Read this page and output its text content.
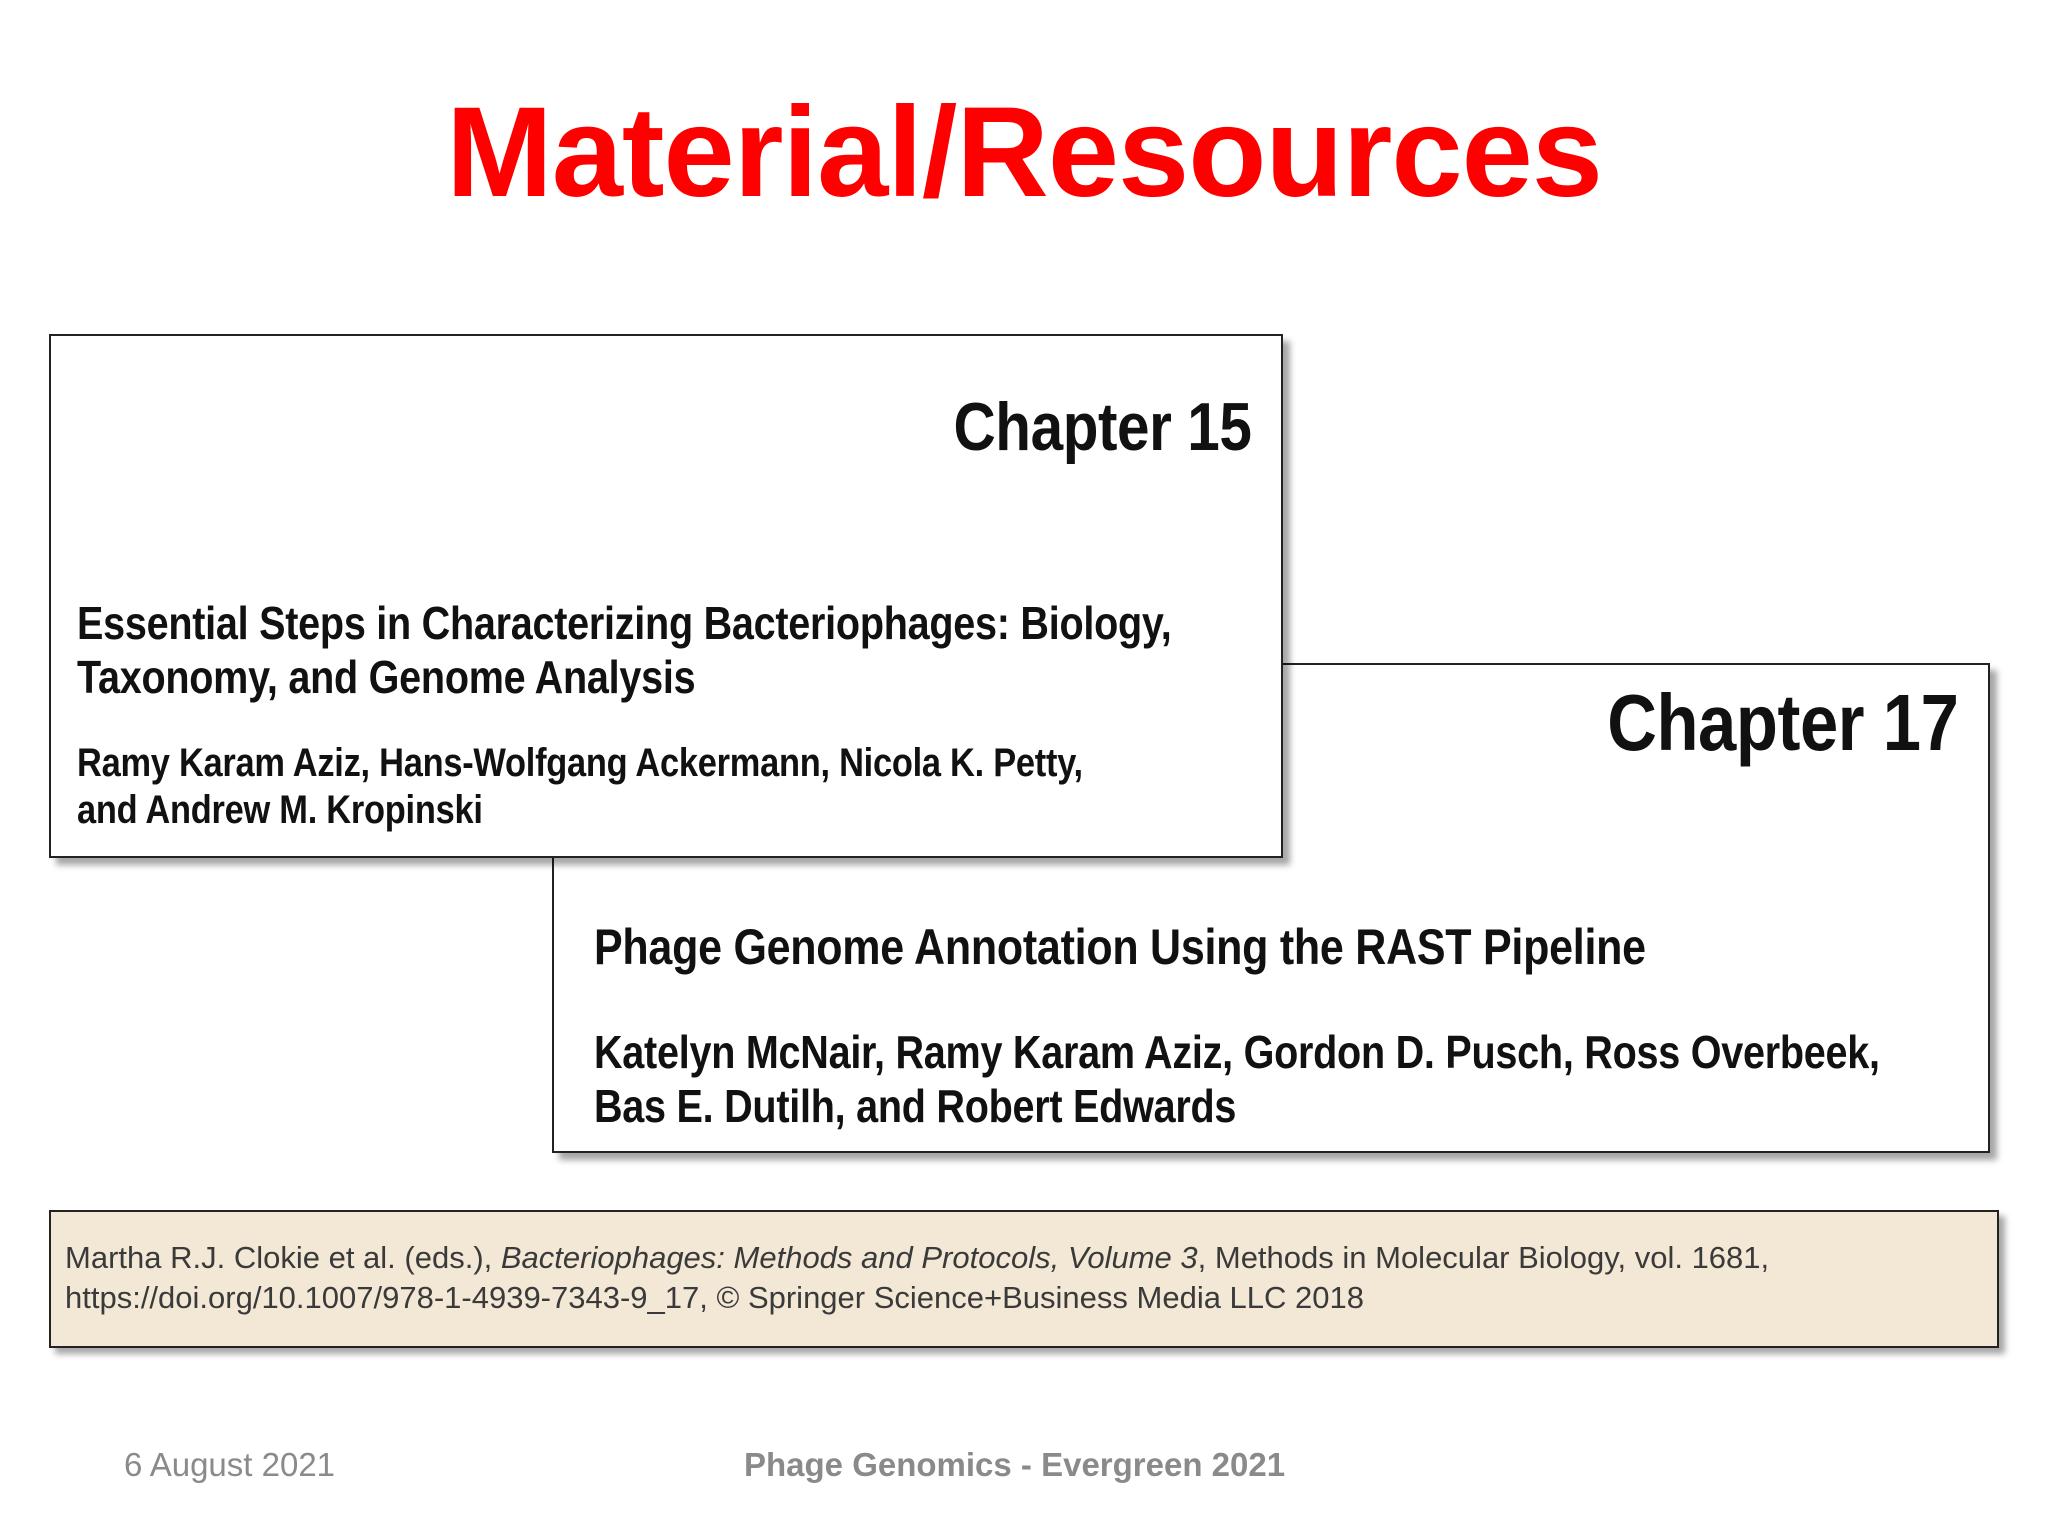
Material/Resources
Chapter 17
Phage Genome Annotation Using the RAST Pipeline
Katelyn McNair, Ramy Karam Aziz, Gordon D. Pusch, Ross Overbeek,
Bas E. Dutilh, and Robert Edwards
Chapter 15
Essential Steps in Characterizing Bacteriophages: Biology,
Taxonomy, and Genome Analysis
Ramy Karam Aziz, Hans-Wolfgang Ackermann, Nicola K. Petty,
and Andrew M. Kropinski
Martha R.J. Clokie et al. (eds.), Bacteriophages: Methods and Protocols, Volume 3, Methods in Molecular Biology, vol. 1681,
https://doi.org/10.1007/978-1-4939-7343-9_17, © Springer Science+Business Media LLC 2018
6 August 2021	Phage Genomics - Evergreen 2021
